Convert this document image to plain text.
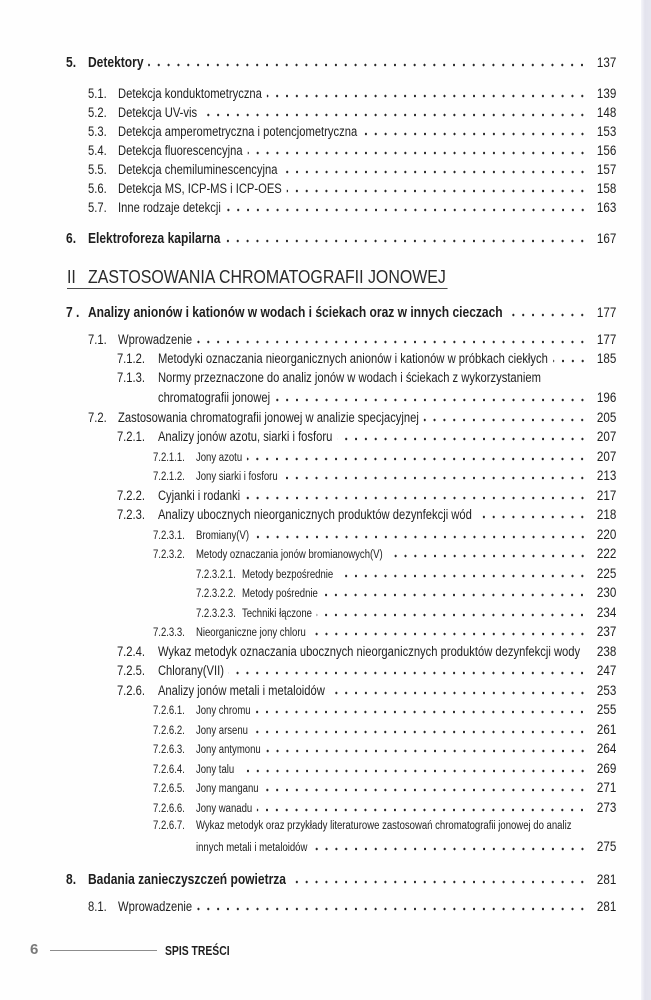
5. Detektory	137
5.1. Detekcja konduktometryczna	139
5.2. Detekcja UV-vis	148
5.3. Detekcja amperometryczna i potencjometryczna	153
5.4. Detekcja fluorescencyjna	156
5.5. Detekcja chemiluminescencyjna	157
5.6. Detekcja MS, ICP-MS i ICP-OES	158
5.7. Inne rodzaje detekcji	163
6. Elektroforeza kapilarna	167
II ZASTOSOWANIA CHROMATOGRAFII JONOWEJ
7 . Analizy anionów i kationów w wodach i ściekach oraz w innych cieczach	177
7.1. Wprowadzenie	177
7.1.2. Metodyki oznaczania nieorganicznych anionów i kationów w próbkach ciekłych	185
7.1.3. Normy przeznaczone do analiz jonów w wodach i ściekach z wykorzystaniem
chromatografii jonowej	196
7.2. Zastosowania chromatografii jonowej w analizie specjacyjnej	205
7.2.1. Analizy jonów azotu, siarki i fosforu	207
7.2.1.1. Jony azotu	207
7.2.1.2. Jony siarki i fosforu	213
7.2.2. Cyjanki i rodanki	217
7.2.3. Analizy ubocznych nieorganicznych produktów dezynfekcji wód	218
7.2.3.1. Bromiany(V)	220
7.2.3.2. Metody oznaczania jonów bromianowych(V)	222
7.2.3.2.1. Metody bezpośrednie	225
7.2.3.2.2. Metody pośrednie	230
7.2.3.2.3. Techniki łączone	234
7.2.3.3. Nieorganiczne jony chloru	237
7.2.4. Wykaz metodyk oznaczania ubocznych nieorganicznych produktów dezynfekcji wody	238
7.2.5. Chlorany(VII)	247
7.2.6. Analizy jonów metali i metaloidów	253
7.2.6.1. Jony chromu	255
7.2.6.2. Jony arsenu	261
7.2.6.3. Jony antymonu	264
7.2.6.4. Jony talu	269
7.2.6.5. Jony manganu	271
7.2.6.6. Jony wanadu	273
7.2.6.7. Wykaz metodyk oraz przykłady literaturowe zastosowań chromatografii jonowej do analiz
innych metali i metaloidów	275
8. Badania zanieczyszczeń powietrza	281
8.1. Wprowadzenie	281
6	SPIS TREŚCI
